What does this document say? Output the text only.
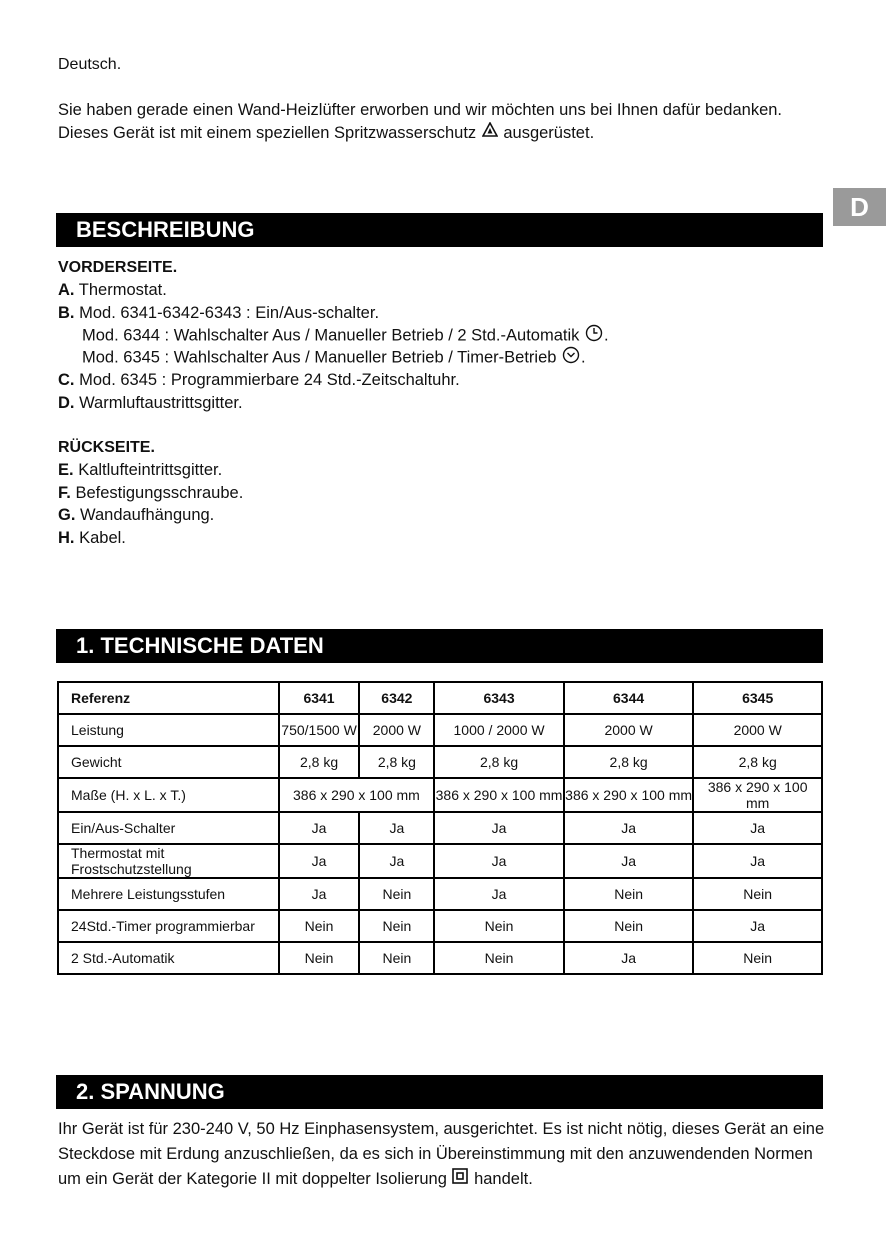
Deutsch.
Sie haben gerade einen Wand-Heizlüfter erworben und wir möchten uns bei Ihnen dafür bedanken. Dieses Gerät ist mit einem speziellen Spritzwasserschutz ausgerüstet.
D
BESCHREIBUNG
VORDERSEITE.
A. Thermostat.
B. Mod. 6341-6342-6343 : Ein/Aus-schalter.
Mod. 6344 : Wahlschalter Aus / Manueller Betrieb / 2 Std.-Automatik .
Mod. 6345 : Wahlschalter Aus / Manueller Betrieb / Timer-Betrieb .
C. Mod. 6345 : Programmierbare 24 Std.-Zeitschaltuhr.
D. Warmluftaustrittsgitter.
RÜCKSEITE.
E. Kaltlufteintrittsgitter.
F. Befestigungsschraube.
G. Wandaufhängung.
H. Kabel.
1. TECHNISCHE DATEN
Referenz	6341	6342	6343	6344	6345
Leistung	750/1500 W	2000 W	1000 / 2000 W	2000 W	2000 W
Gewicht	2,8 kg	2,8 kg	2,8 kg	2,8 kg	2,8 kg
Maße (H. x L. x T.)	386 x 290 x 100 mm		386 x 290 x 100 mm	386 x 290 x 100 mm	386 x 290 x 100 mm
Ein/Aus-Schalter	Ja	Ja	Ja	Ja	Ja
Thermostat mit Frostschutzstellung	Ja	Ja	Ja	Ja	Ja
Mehrere Leistungsstufen	Ja	Nein	Ja	Nein	Nein
24Std.-Timer programmierbar	Nein	Nein	Nein	Nein	Ja
2 Std.-Automatik	Nein	Nein	Nein	Ja	Nein
2. SPANNUNG
Ihr Gerät ist für 230-240 V, 50 Hz Einphasensystem, ausgerichtet. Es ist nicht nötig, dieses Gerät an eine Steckdose mit Erdung anzuschließen, da es sich in Übereinstimmung mit den anzuwendenden Normen um ein Gerät der Kategorie II mit doppelter Isolierung handelt.
